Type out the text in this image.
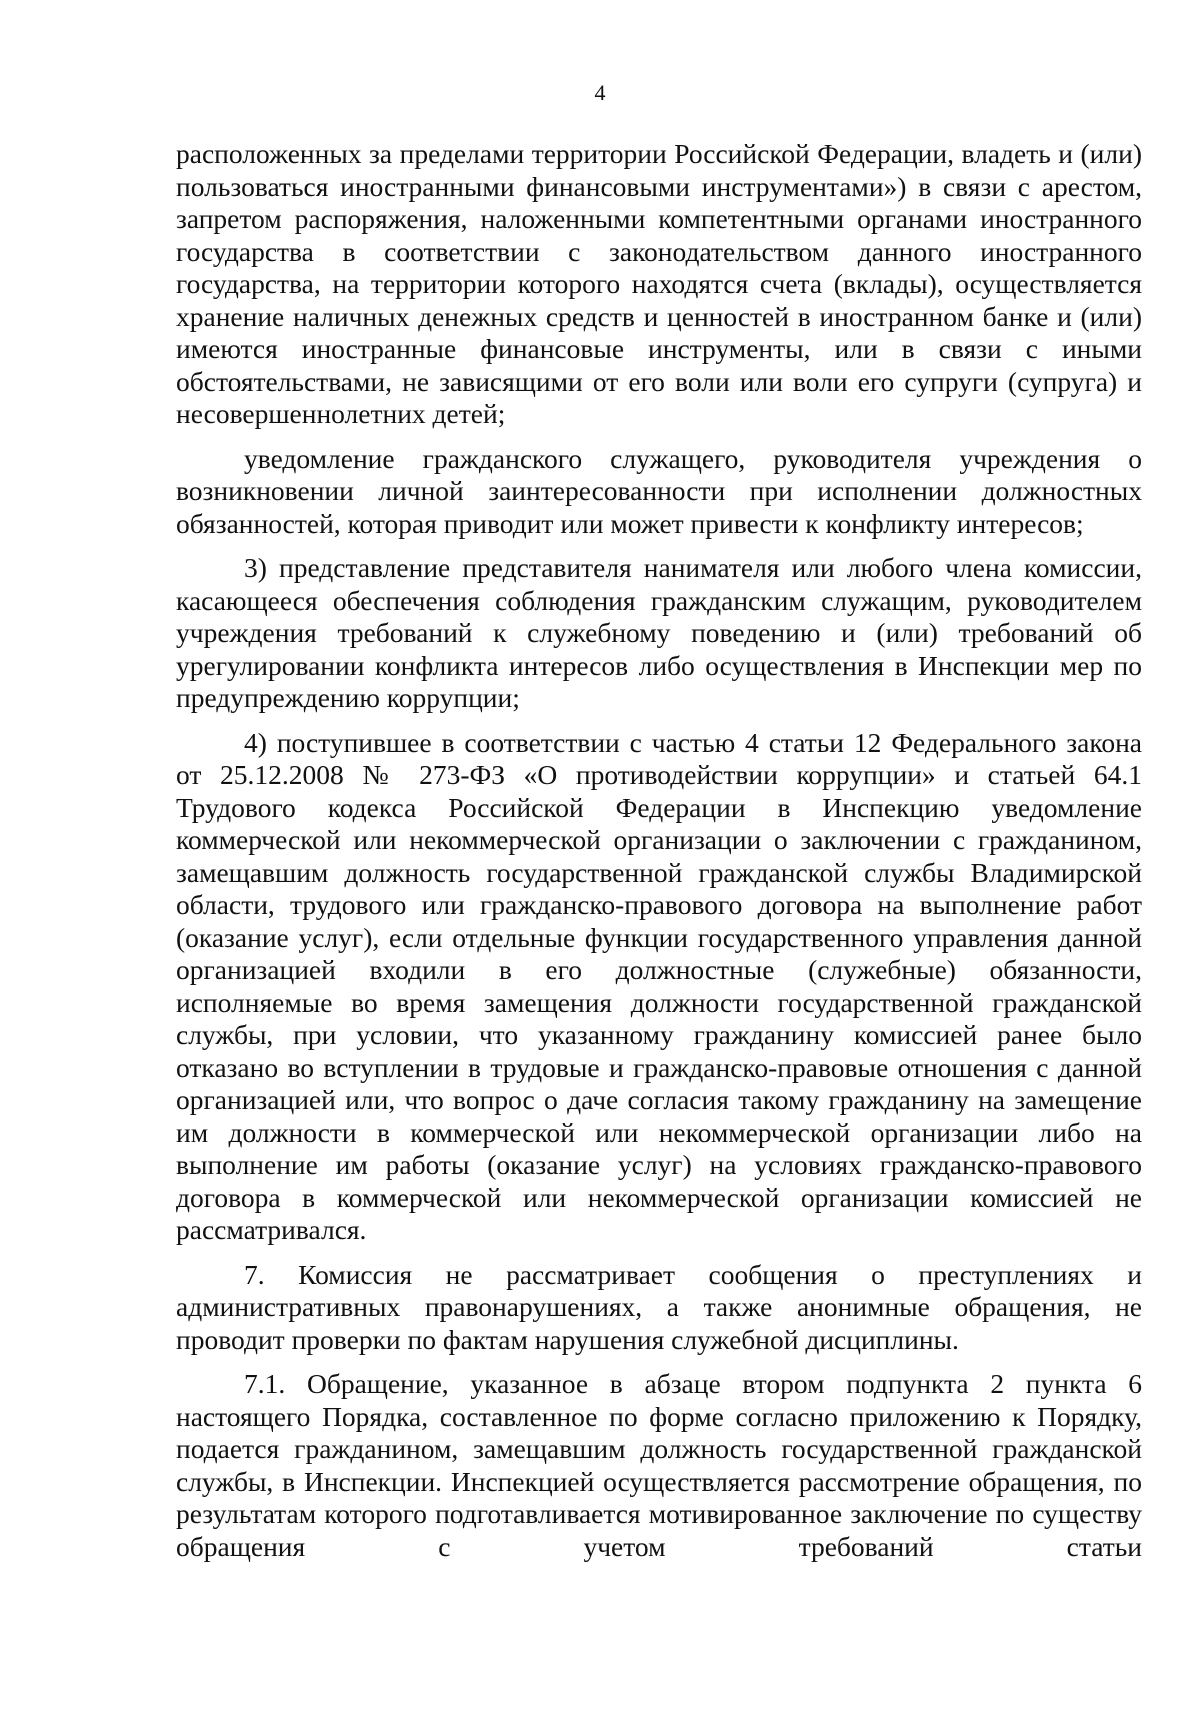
4

расположенных за пределами территории Российской Федерации, владеть и (или) пользоваться иностранными финансовыми инструментами») в связи с арестом, запретом распоряжения, наложенными компетентными органами иностранного государства в соответствии с законодательством данного иностранного государства, на территории которого находятся счета (вклады), осуществляется хранение наличных денежных средств и ценностей в иностранном банке и (или) имеются иностранные финансовые инструменты, или в связи с иными обстоятельствами, не зависящими от его воли или воли его супруги (супруга) и несовершеннолетних детей;

уведомление гражданского служащего, руководителя учреждения о возникновении личной заинтересованности при исполнении должностных обязанностей, которая приводит или может привести к конфликту интересов;

3) представление представителя нанимателя или любого члена комиссии, касающееся обеспечения соблюдения гражданским служащим, руководителем учреждения требований к служебному поведению и (или) требований об урегулировании конфликта интересов либо осуществления в Инспекции мер по предупреждению коррупции;

4) поступившее в соответствии с частью 4 статьи 12 Федерального закона от 25.12.2008 № 273-ФЗ «О противодействии коррупции» и статьей 64.1 Трудового кодекса Российской Федерации в Инспекцию уведомление коммерческой или некоммерческой организации о заключении с гражданином, замещавшим должность государственной гражданской службы Владимирской области, трудового или гражданско-правового договора на выполнение работ (оказание услуг), если отдельные функции государственного управления данной организацией входили в его должностные (служебные) обязанности, исполняемые во время замещения должности государственной гражданской службы, при условии, что указанному гражданину комиссией ранее было отказано во вступлении в трудовые и гражданско-правовые отношения с данной организацией или, что вопрос о даче согласия такому гражданину на замещение им должности в коммерческой или некоммерческой организации либо на выполнение им работы (оказание услуг) на условиях гражданско-правового договора в коммерческой или некоммерческой организации комиссией не рассматривался.

7. Комиссия не рассматривает сообщения о преступлениях и административных правонарушениях, а также анонимные обращения, не проводит проверки по фактам нарушения служебной дисциплины.

7.1. Обращение, указанное в абзаце втором подпункта 2 пункта 6 настоящего Порядка, составленное по форме согласно приложению к Порядку, подается гражданином, замещавшим должность государственной гражданской службы, в Инспекции. Инспекцией осуществляется рассмотрение обращения, по результатам которого подготавливается мотивированное заключение по существу обращения с учетом требований статьи
